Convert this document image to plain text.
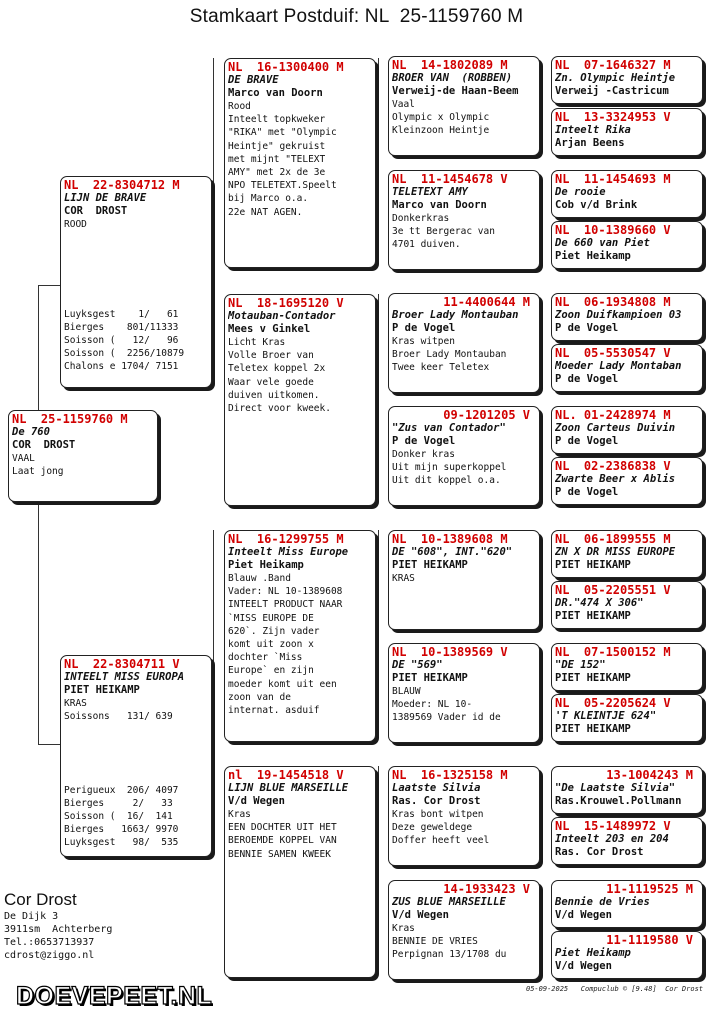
Stamkaart Postduif: NL  25-1159760 M
NL  25-1159760 M
De 760
COR  DROST
VAAL
Laat jong
NL  22-8304712 M
LIJN DE BRAVE
COR  DROST
ROOD
Luyksgest    1/   61
Bierges    801/11333
Soisson (   12/   96
Soisson (  2256/10879
Chalons e 1704/ 7151
NL  22-8304711 V
INTEELT MISS EUROPA
PIET HEIKAMP
KRAS
Soissons   131/ 639
Perigueux  206/ 4097
Bierges     2/   33
Soisson (  16/  141
Bierges   1663/ 9970
Luyksgest   98/  535
NL  16-1300400 M
DE BRAVE
Marco van Doorn
Rood
Inteelt topkweker
"RIKA" met "Olympic
Heintje" gekruist
met mijnt "TELEXT
AMY" met 2x de 3e
NPO TELETEXT.Speelt
bij Marco o.a.
22e NAT AGEN.
NL  18-1695120 V
Motauban-Contador
Mees v Ginkel
Licht Kras
Volle Broer van
Teletex koppel 2x
Waar vele goede
duiven uitkomen.
Direct voor kweek.
NL  16-1299755 M
Inteelt Miss Europe
Piet Heikamp
Blauw .Band
Vader: NL 10-1389608
INTEELT PRODUCT NAAR
`MISS EUROPE DE
620`. Zijn vader
komt uit zoon x
dochter `Miss
Europe` en zijn
moeder komt uit een
zoon van de
internat. asduif
nl  19-1454518 V
LIJN BLUE MARSEILLE
V/d Wegen
Kras
EEN DOCHTER UIT HET
BEROEMDE KOPPEL VAN
BENNIE SAMEN KWEEK
NL  14-1802089 M
BROER VAN  (ROBBEN)
Verweij-de Haan-Beem
Vaal
Olympic x Olympic
Kleinzoon Heintje
NL  11-1454678 V
TELETEXT AMY
Marco van Doorn
Donkerkras
3e tt Bergerac van
4701 duiven.
11-4400644 M
Broer Lady Montauban
P de Vogel
Kras witpen
Broer Lady Montauban
Twee keer Teletex
09-1201205 V
"Zus van Contador"
P de Vogel
Donker kras
Uit mijn superkoppel
Uit dit koppel o.a.
NL  10-1389608 M
DE "608", INT."620"
PIET HEIKAMP
KRAS
NL  10-1389569 V
DE "569"
PIET HEIKAMP
BLAUW
Moeder: NL 10-
1389569 Vader id de
NL  16-1325158 M
Laatste Silvia
Ras. Cor Drost
Kras bont witpen
Deze geweldege
Doffer heeft veel
14-1933423 V
ZUS BLUE MARSEILLE
V/d Wegen
Kras
BENNIE DE VRIES
Perpignan 13/1708 du
NL  07-1646327 M
Zn. Olympic Heintje
Verweij -Castricum
NL  13-3324953 V
Inteelt Rika
Arjan Beens
NL  11-1454693 M
De rooie
Cob v/d Brink
NL  10-1389660 V
De 660 van Piet
Piet Heikamp
NL  06-1934808 M
Zoon Duifkampioen 03
P de Vogel
NL  05-5530547 V
Moeder Lady Montaban
P de Vogel
NL. 01-2428974 M
Zoon Carteus Duivin
P de Vogel
NL  02-2386838 V
Zwarte Beer x Ablis
P de Vogel
NL  06-1899555 M
ZN X DR MISS EUROPE
PIET HEIKAMP
NL  05-2205551 V
DR."474 X 306"
PIET HEIKAMP
NL  07-1500152 M
"DE 152"
PIET HEIKAMP
NL  05-2205624 V
'T KLEINTJE 624"
PIET HEIKAMP
13-1004243 M
"De Laatste Silvia"
Ras.Krouwel.Pollmann
NL  15-1489972 V
Inteelt 203 en 204
Ras. Cor Drost
11-1119525 M
Bennie de Vries
V/d Wegen
11-1119580 V
Piet Heikamp
V/d Wegen
Cor Drost
De Dijk 3
3911sm  Achterberg
Tel.:0653713937
cdrost@ziggo.nl
DOEVEPEET.NL	05-09-2025   Compuclub © [9.48]  Cor Drost
